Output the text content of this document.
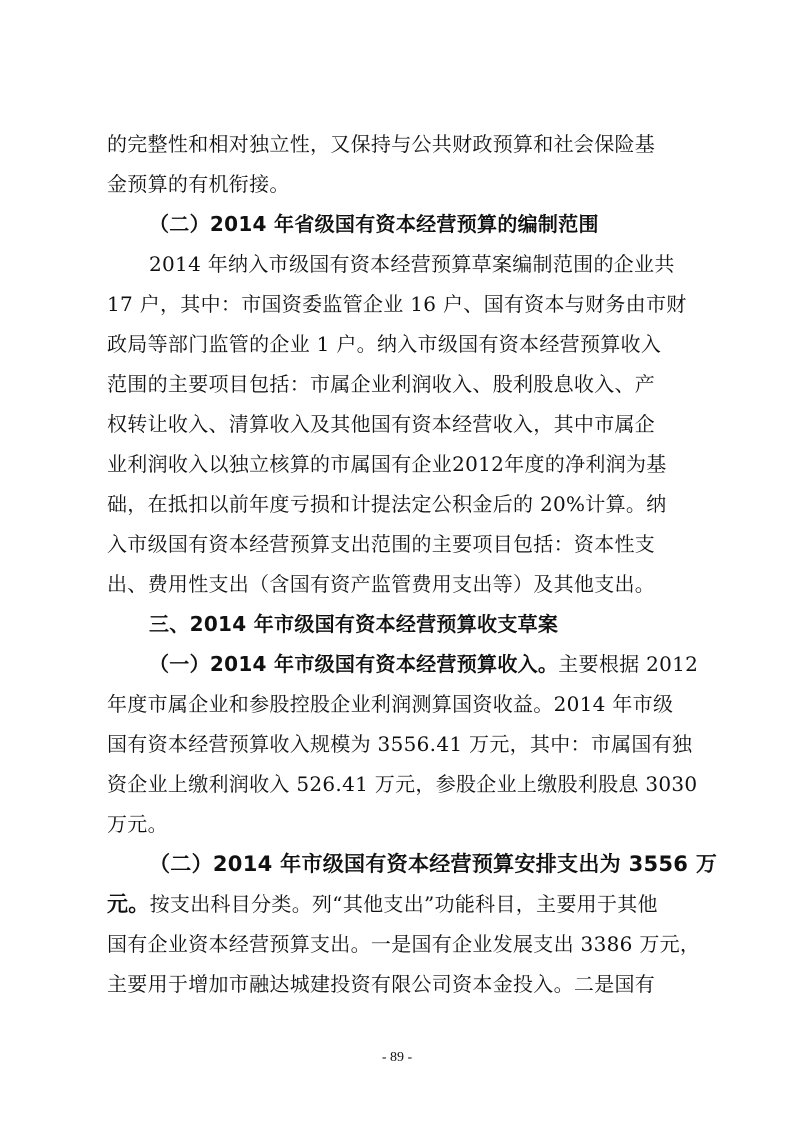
的完整性和相对独立性，又保持与公共财政预算和社会保险基
金预算的有机衔接。
（二）2014 年省级国有资本经营预算的编制范围
2014 年纳入市级国有资本经营预算草案编制范围的企业共
17 户，其中：市国资委监管企业 16 户、国有资本与财务由市财
政局等部门监管的企业 1 户。纳入市级国有资本经营预算收入
范围的主要项目包括：市属企业利润收入、股利股息收入、产
权转让收入、清算收入及其他国有资本经营收入，其中市属企
业利润收入以独立核算的市属国有企业2012年度的净利润为基
础，在抵扣以前年度亏损和计提法定公积金后的 20%计算。纳
入市级国有资本经营预算支出范围的主要项目包括：资本性支
出、费用性支出（含国有资产监管费用支出等）及其他支出。
三、2014 年市级国有资本经营预算收支草案
（一）2014 年市级国有资本经营预算收入。主要根据 2012
年度市属企业和参股控股企业利润测算国资收益。2014 年市级
国有资本经营预算收入规模为 3556.41 万元，其中：市属国有独
资企业上缴利润收入 526.41 万元，参股企业上缴股利股息 3030
万元。
（二）2014 年市级国有资本经营预算安排支出为 3556 万
元。按支出科目分类。列“其他支出”功能科目，主要用于其他
国有企业资本经营预算支出。一是国有企业发展支出 3386 万元，
主要用于增加市融达城建投资有限公司资本金投入。二是国有
- 89 -
